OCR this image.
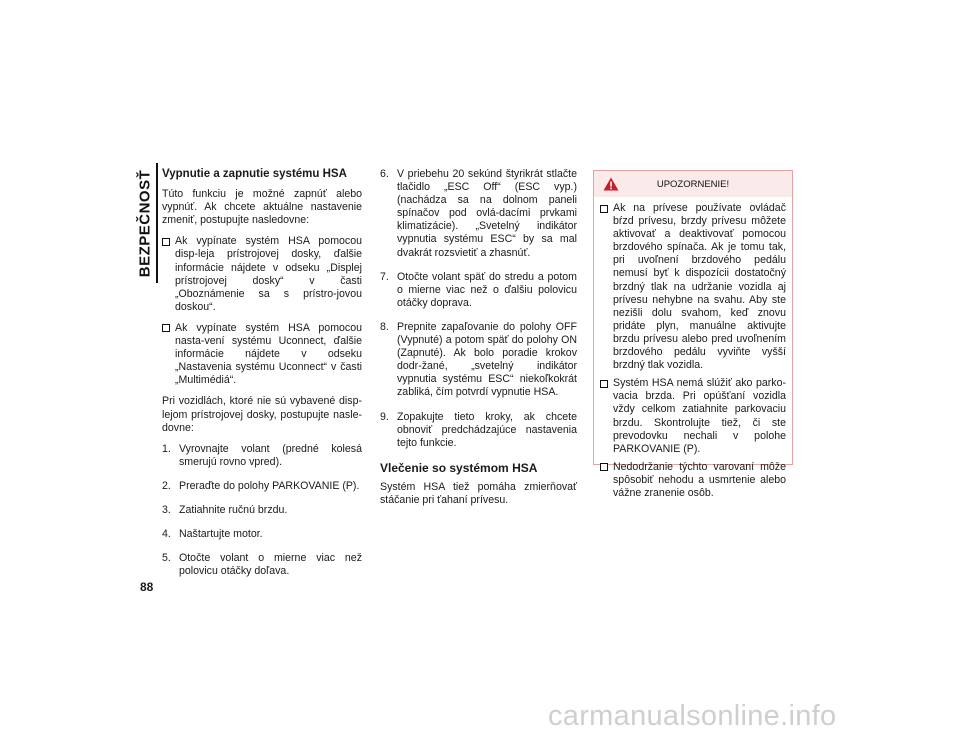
BEZPEČNOSŤ Vypnutie a zapnutie systému HSA

Túto funkciu je možné zapnúť alebo vypnúť. Ak chcete aktuálne nastavenie zmeniť, postupujte nasledovne:

Ak vypínate systém HSA pomocou disp-leja prístrojovej dosky, ďalšie informácie nájdete v odseku „Displej prístrojovej dosky“ v časti „Oboznámenie sa s prístro-jovou doskou“.
Ak vypínate systém HSA pomocou nasta-vení systému Uconnect, ďalšie informácie nájdete v odseku „Nastavenia systému Uconnect“ v časti „Multimédiá“.

Pri vozidlách, ktoré nie sú vybavené disp-lejom prístrojovej dosky, postupujte nasle-dovne:

1. Vyrovnajte volant (predné kolesá smerujú rovno vpred).
2. Preraďte do polohy PARKOVANIE (P).
3. Zatiahnite ručnú brzdu.
4. Naštartujte motor.
5. Otočte volant o mierne viac než polovicu otáčky doľava.
6. V priebehu 20 sekúnd štyrikrát stlačte tlačidlo „ESC Off“ (ESC vyp.) (nachádza sa na dolnom paneli spínačov pod ovlá-dacími prvkami klimatizácie). „Svetelný indikátor vypnutia systému ESC“ by sa mal dvakrát rozsvietiť a zhasnúť.
7. Otočte volant späť do stredu a potom o mierne viac než o ďalšiu polovicu otáčky doprava.
8. Prepnite zapaľovanie do polohy OFF (Vypnuté) a potom späť do polohy ON (Zapnuté). Ak bolo poradie krokov dodr-žané, „svetelný indikátor vypnutia systému ESC“ niekoľkokrát zabliká, čím potvrdí vypnutie HSA.
9. Zopakujte tieto kroky, ak chcete obnoviť predchádzajúce nastavenia tejto funkcie.
Vlečenie so systémom HSA

Systém HSA tiež pomáha zmierňovať stáčanie pri ťahaní prívesu.

UPOZORNENIE!
Ak na prívese používate ovládač bŕzd prívesu, brzdy prívesu môžete aktivovať a deaktivovať pomocou brzdového spínača. Ak je tomu tak, pri uvoľnení brzdového pedálu nemusí byť k dispozícii dostatočný brzdný tlak na udržanie vozidla aj prívesu nehybne na svahu. Aby ste nezišli dolu svahom, keď znovu pridáte plyn, manuálne aktivujte brzdu prívesu alebo pred uvoľnením brzdového pedálu vyviňte vyšší brzdný tlak vozidla.
Systém HSA nemá slúžiť ako parko-vacia brzda. Pri opúšťaní vozidla vždy celkom zatiahnite parkovaciu brzdu. Skontrolujte tiež, či ste prevodovku nechali v polohe PARKOVANIE (P).
Nedodržanie týchto varovaní môže spôsobiť nehodu a usmrtenie alebo vážne zranenie osôb.
88
carmanualsonline.info
